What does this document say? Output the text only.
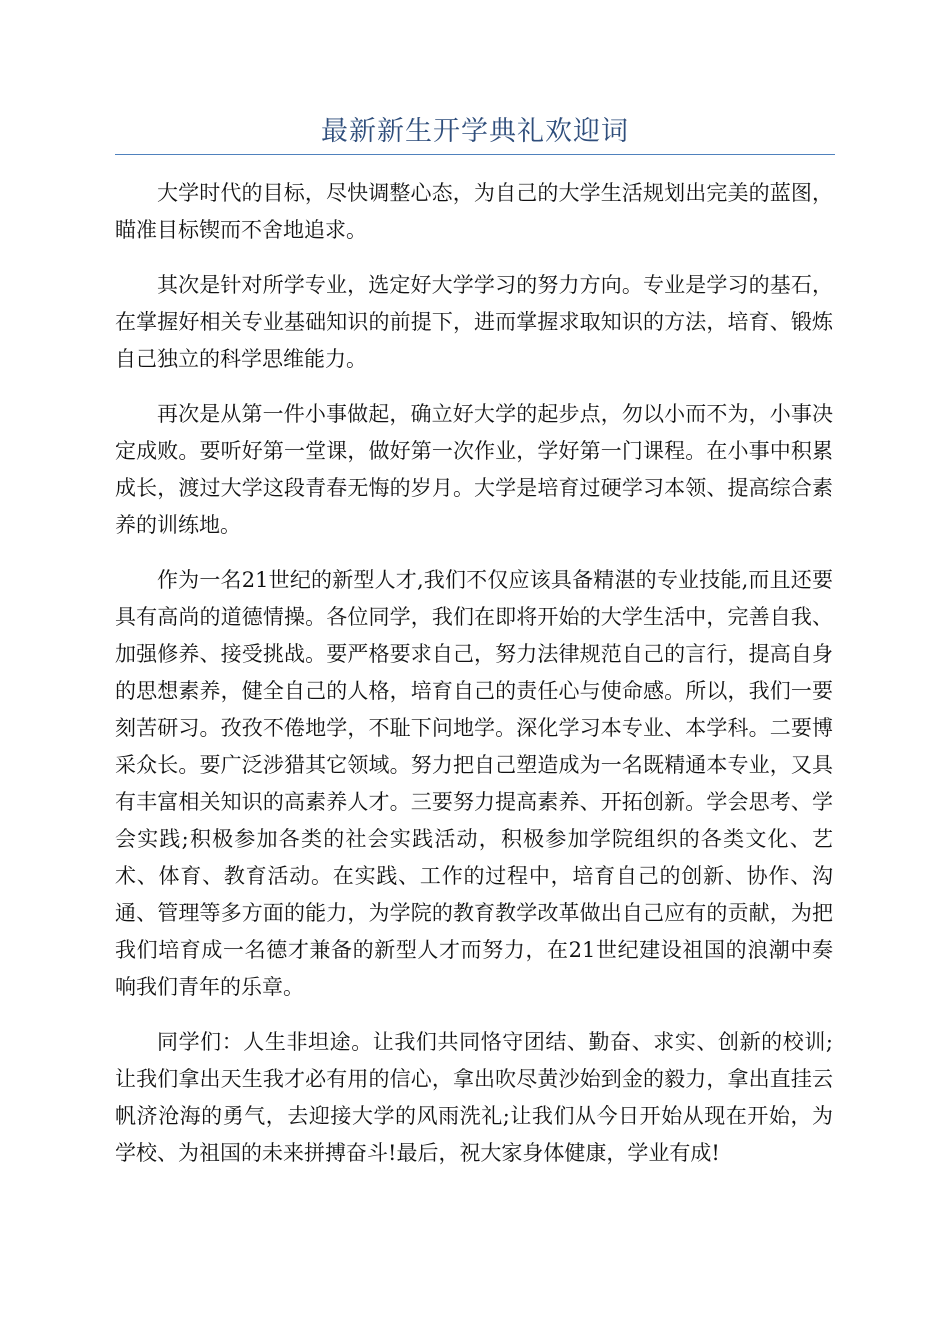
最新新生开学典礼欢迎词

大学时代的目标，尽快调整心态，为自己的大学生活规划出完美的蓝图，瞄准目标锲而不舍地追求。

其次是针对所学专业，选定好大学学习的努力方向。专业是学习的基石，在掌握好相关专业基础知识的前提下，进而掌握求取知识的方法，培育、锻炼自己独立的科学思维能力。

再次是从第一件小事做起，确立好大学的起步点，勿以小而不为，小事决定成败。要听好第一堂课，做好第一次作业，学好第一门课程。在小事中积累成长，渡过大学这段青春无悔的岁月。大学是培育过硬学习本领、提高综合素养的训练地。

作为一名21世纪的新型人才,我们不仅应该具备精湛的专业技能,而且还要具有高尚的道德情操。各位同学，我们在即将开始的大学生活中，完善自我、加强修养、接受挑战。要严格要求自己，努力法律规范自己的言行，提高自身的思想素养，健全自己的人格，培育自己的责任心与使命感。所以，我们一要刻苦研习。孜孜不倦地学，不耻下问地学。深化学习本专业、本学科。二要博采众长。要广泛涉猎其它领域。努力把自己塑造成为一名既精通本专业，又具有丰富相关知识的高素养人才。三要努力提高素养、开拓创新。学会思考、学会实践;积极参加各类的社会实践活动，积极参加学院组织的各类文化、艺术、体育、教育活动。在实践、工作的过程中，培育自己的创新、协作、沟通、管理等多方面的能力，为学院的教育教学改革做出自己应有的贡献，为把我们培育成一名德才兼备的新型人才而努力，在21世纪建设祖国的浪潮中奏响我们青年的乐章。

同学们：人生非坦途。让我们共同恪守团结、勤奋、求实、创新的校训;让我们拿出天生我才必有用的信心，拿出吹尽黄沙始到金的毅力，拿出直挂云帆济沧海的勇气，去迎接大学的风雨洗礼;让我们从今日开始从现在开始，为学校、为祖国的未来拼搏奋斗!最后，祝大家身体健康，学业有成!
